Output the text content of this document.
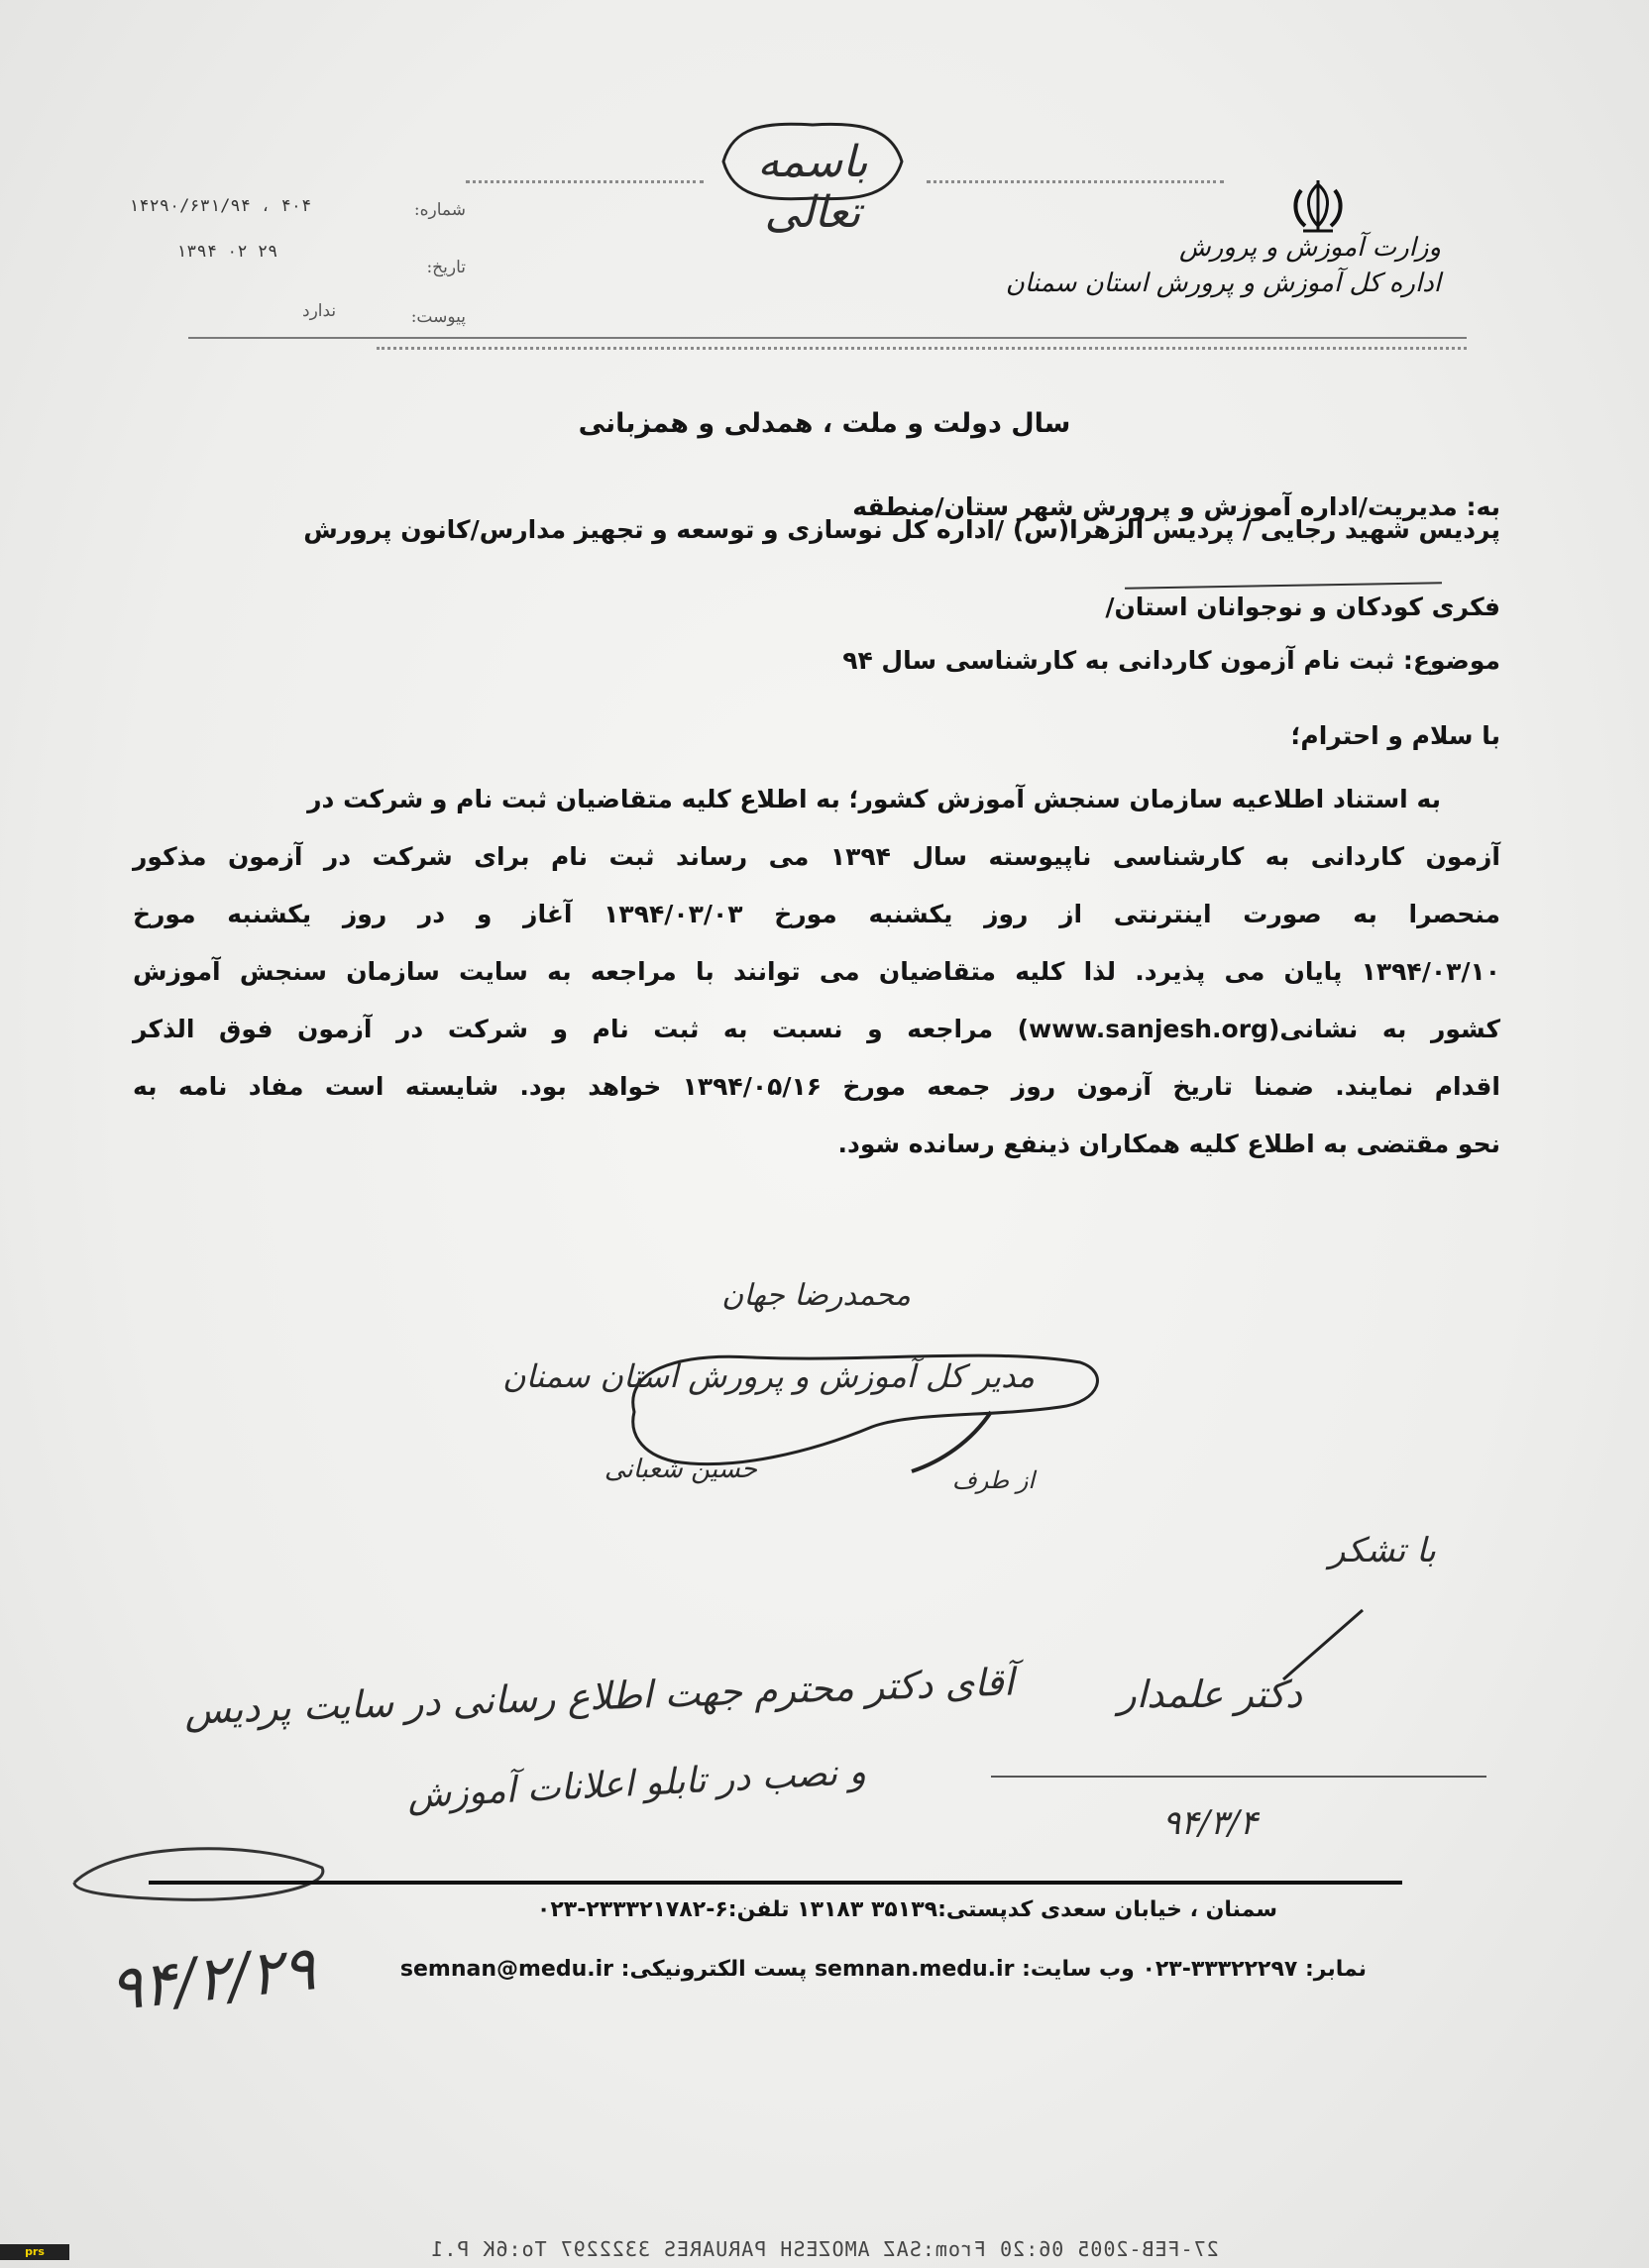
وزارت آموزش و پرورش
اداره کل آموزش و پرورش استان سمنان
باسمه تعالی
شماره:
۱۴۲۹۰/۶۳۱/۹۴ ، ۴۰۴
تاریخ:
۱۳۹۴ ۰۲ ۲۹
پیوست:
ندارد
سال دولت و ملت ، همدلی و همزبانی
به: مدیریت/اداره آموزش و پرورش شهر ستان/منطقه
پردیس شهید رجایی / پردیس الزهرا(س) /اداره کل نوسازی و توسعه و تجهیز مدارس/کانون پرورش
فکری کودکان و نوجوانان استان/
موضوع: ثبت نام آزمون کاردانی به کارشناسی سال ۹۴
با سلام و احترام؛
به استناد اطلاعیه سازمان سنجش آموزش کشور؛ به اطلاع کلیه متقاضیان ثبت نام و شرکت در
آزمون کاردانی به کارشناسی ناپیوسته سال ۱۳۹۴ می رساند ثبت نام برای شرکت در آزمون مذکور
منحصرا به صورت اینترنتی از روز یکشنبه مورخ ۱۳۹۴/۰۳/۰۳ آغاز و در روز یکشنبه مورخ
۱۳۹۴/۰۳/۱۰ پایان می پذیرد. لذا کلیه متقاضیان می توانند با مراجعه به سایت سازمان سنجش آموزش
کشور به نشانی(www.sanjesh.org) مراجعه و نسبت به ثبت نام و شرکت در آزمون فوق الذکر
اقدام نمایند. ضمنا تاریخ آزمون روز جمعه مورخ ۱۳۹۴/۰۵/۱۶ خواهد بود. شایسته است مفاد نامه به
نحو مقتضی به اطلاع کلیه همکاران ذینفع رسانده شود.
محمدرضا جهان
مدیر کل آموزش و پرورش استان سمنان
از طرف
حسین شعبانی
با تشکر
دکتر علمدار
۹۴/۳/۴
آقای دکتر محترم جهت اطلاع رسانی در سایت پردیس
و نصب در تابلو اعلانات آموزش
سمنان ، خیابان سعدی کدپستی:۳۵۱۳۹ ۱۳۱۸۳ تلفن:۶-۲۳۳۳۲۱۷۸۲-۰۲۳
نمابر: ۳۳۳۲۲۲۹۷-۰۲۳ وب سایت: semnan.medu.ir پست الکترونیکی: semnan@medu.ir
۹۴/۲/۲۹
27-FEB-2005 06:20 From:SAZ AMOZESH PARUARES 3322297 To:6K P.1
prs
